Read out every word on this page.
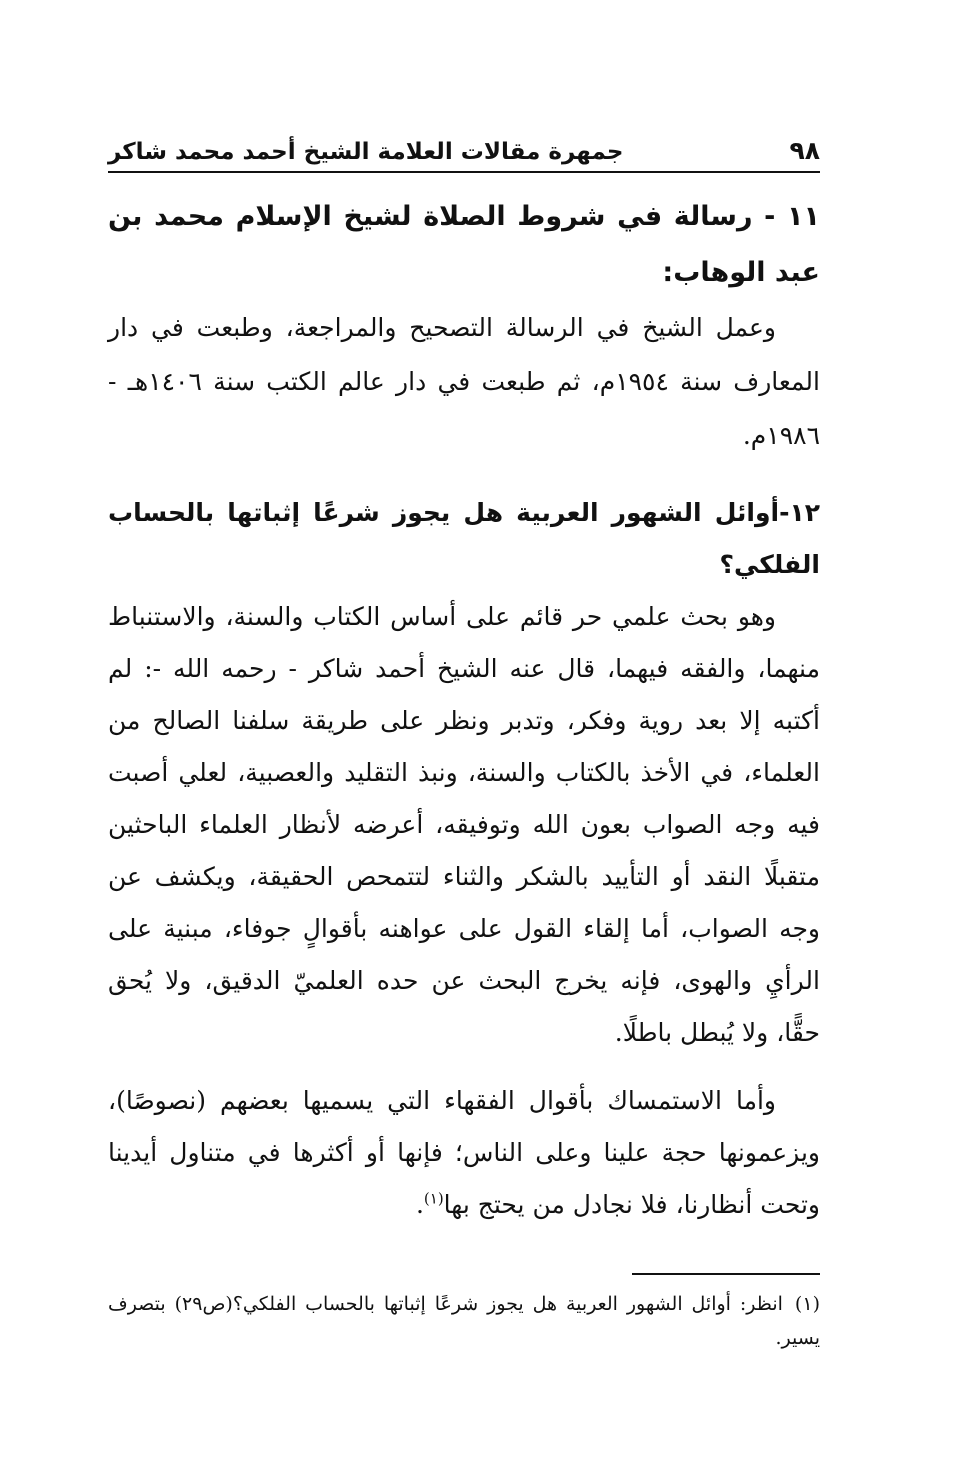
٩٨
جمهرة مقالات العلامة الشيخ أحمد محمد شاكر
١١ - رسالة في شروط الصلاة لشيخ الإسلام محمد بن عبد الوهاب:

وعمل الشيخ في الرسالة التصحيح والمراجعة، وطبعت في دار المعارف سنة ١٩٥٤م، ثم طبعت في دار عالم الكتب سنة ١٤٠٦هـ - ١٩٨٦م.

١٢-أوائل الشهور العربية هل يجوز شرعًا إثباتها بالحساب الفلكي؟

وهو بحث علمي حر قائم على أساس الكتاب والسنة، والاستنباط منهما، والفقه فيهما، قال عنه الشيخ أحمد شاكر - رحمه الله -: لم أكتبه إلا بعد روية وفكر، وتدبر ونظر على طريقة سلفنا الصالح من العلماء، في الأخذ بالكتاب والسنة، ونبذ التقليد والعصبية، لعلي أصبت فيه وجه الصواب بعون الله وتوفيقه، أعرضه لأنظار العلماء الباحثين متقبلًا النقد أو التأييد بالشكر والثناء لتتمحص الحقيقة، ويكشف عن وجه الصواب، أما إلقاء القول على عواهنه بأقوالٍ جوفاء، مبنية على الرأيِ والهوى، فإنه يخرج البحث عن حده العلميّ الدقيق، ولا يُحق حقًّا، ولا يُبطل باطلًا.

وأما الاستمساك بأقوال الفقهاء التي يسميها بعضهم (نصوصًا)، ويزعمونها حجة علينا وعلى الناس؛ فإنها أو أكثرها في متناول أيدينا وتحت أنظارنا، فلا نجادل من يحتج بها$^{(١)}$.

(١)انظر: أوائل الشهور العربية هل يجوز شرعًا إثباتها بالحساب الفلكي؟(ص٢٩) بتصرف يسير.
